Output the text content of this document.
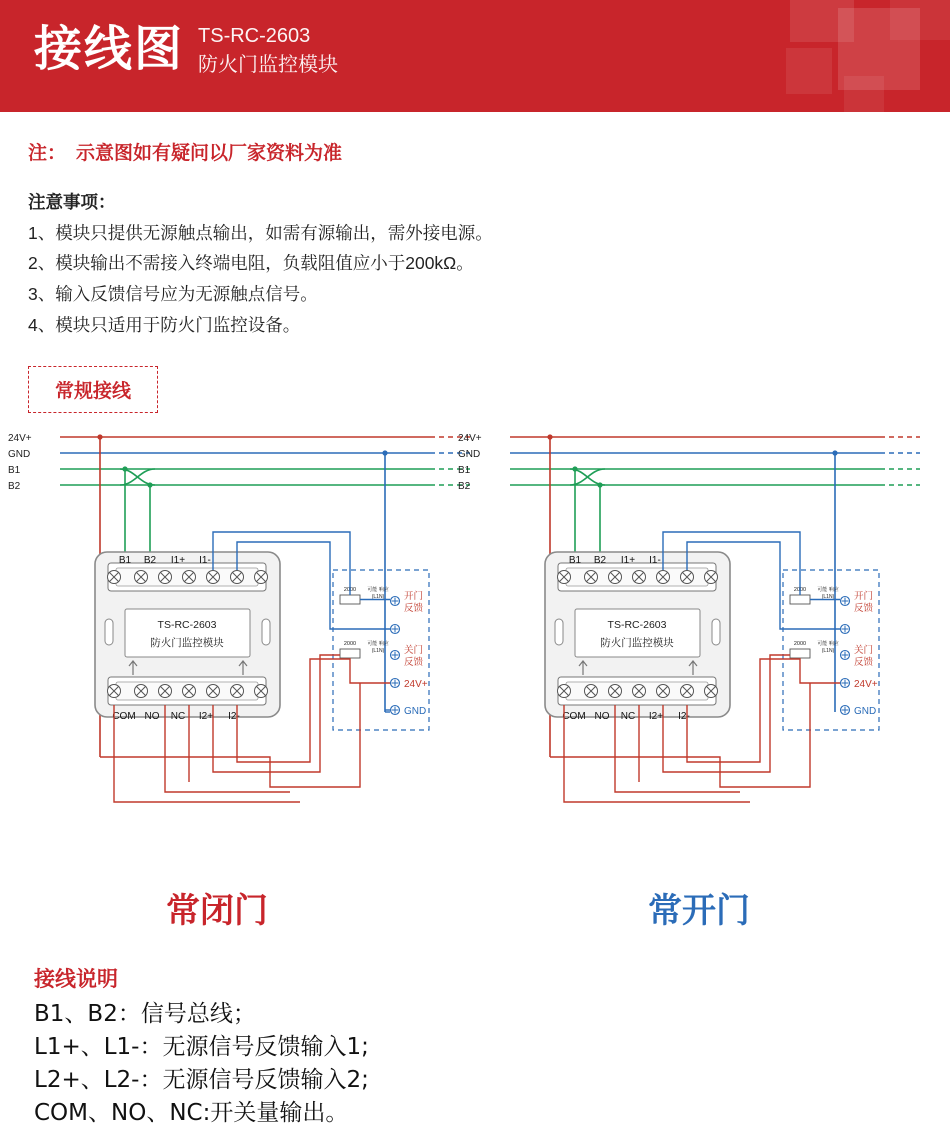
接线图 TS-RC-2603
防火门监控模块
注： 示意图如有疑问以厂家资料为准
注意事项：
1、模块只提供无源触点输出，如需有源输出，需外接电源。
2、模块输出不需接入终端电阻，负载阻值应小于200kΩ。
3、输入反馈信号应为无源触点信号。
4、模块只适用于防火门监控设备。
常规接线
24V+
GND
B1
B2
TS-RC-2603
防火门监控模块
B1 B2 I1+ I1-
COM NO NC I2+ I2-
2000
2000
可能 响应
(L1N)
可能 响应
(L1N)
开门
反馈
关门
反馈
24V+
GND
24V+
GND
B1
B2
TS-RC-2603
防火门监控模块
B1 B2 I1+ I1-
COM NO NC I2+ I2-
2000
2000
可能 响应
(L1N)
可能 响应
(L1N)
开门
反馈
关门
反馈
24V+
GND
常闭门	常开门
接线说明

B1、B2：信号总线；

L1+、L1-：无源信号反馈输入1;

L2+、L2-：无源信号反馈输入2;

COM、NO、NC:开关量输出。
